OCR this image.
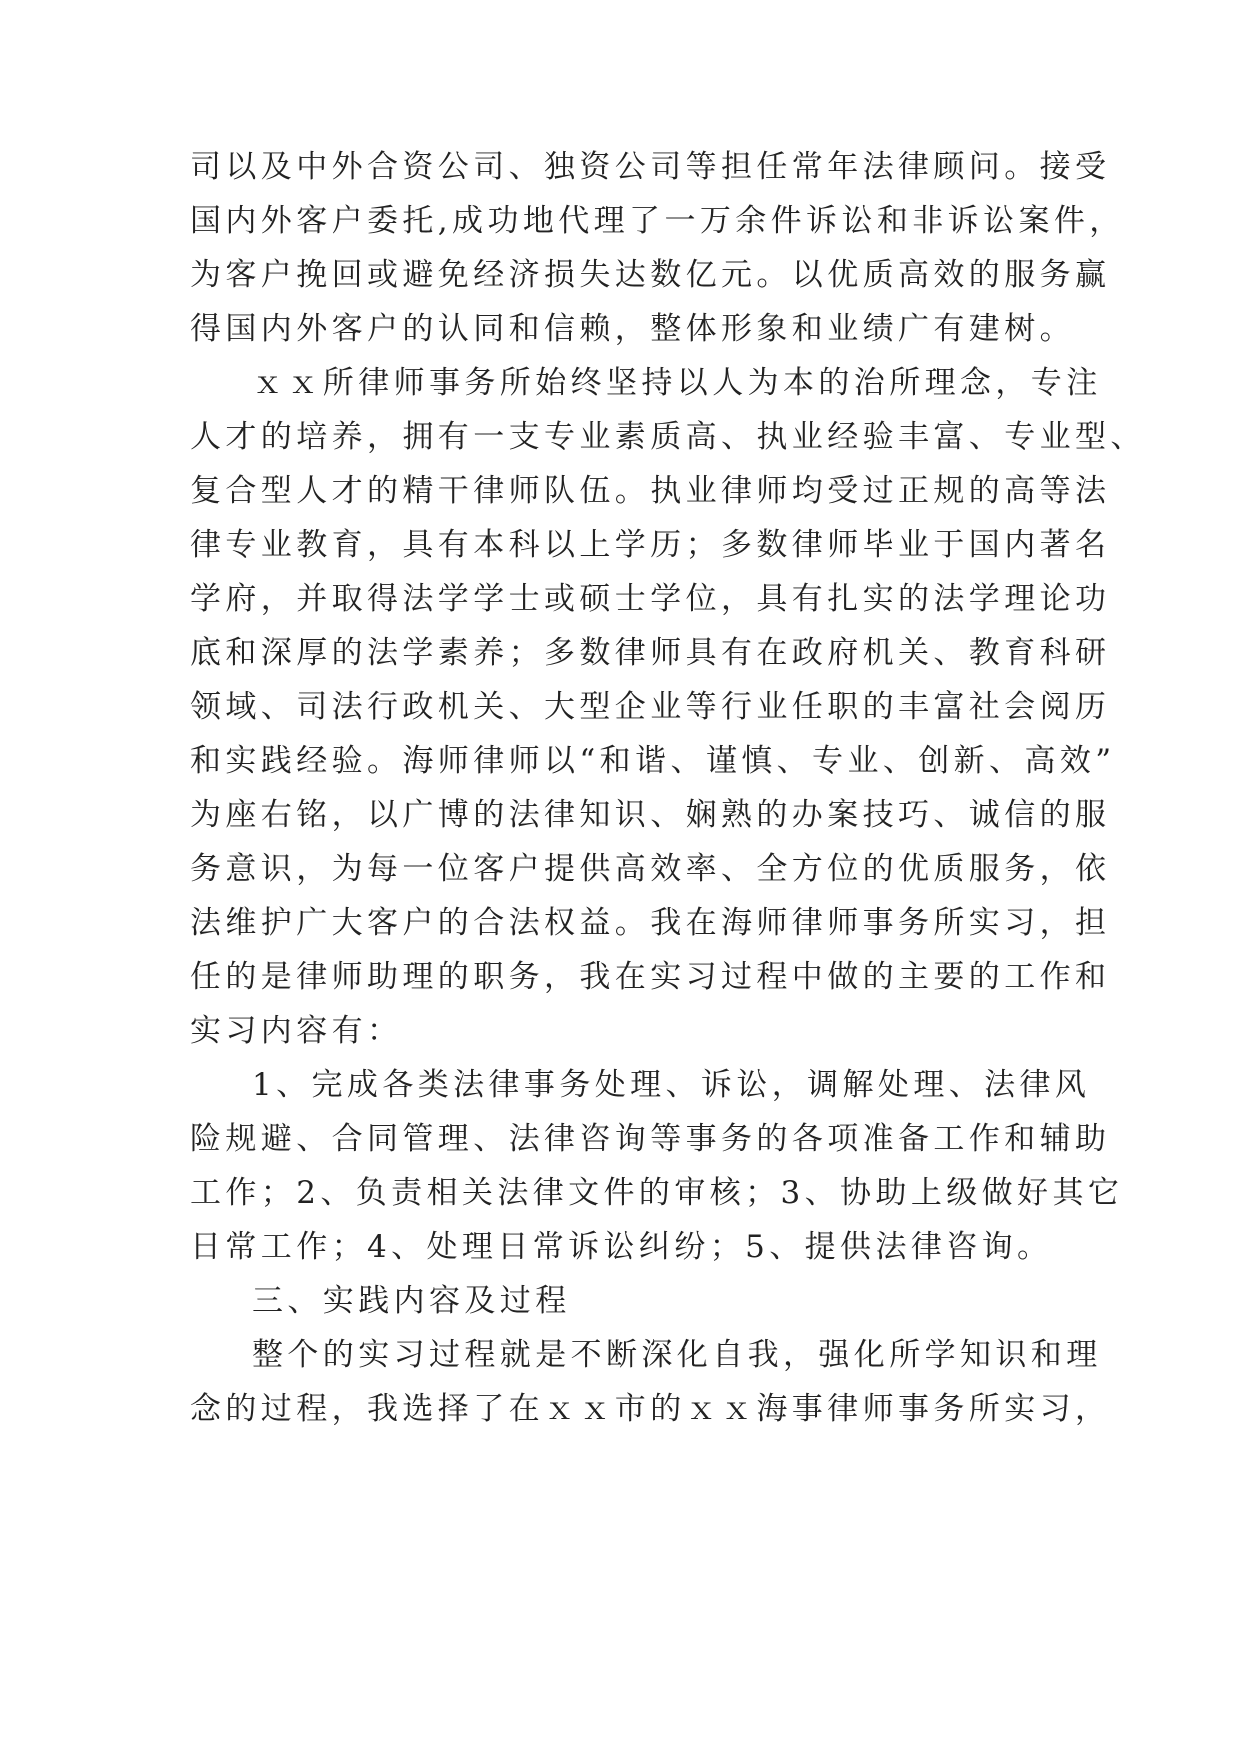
司以及中外合资公司、独资公司等担任常年法律顾问。接受
国内外客户委托,成功地代理了一万余件诉讼和非诉讼案件，
为客户挽回或避免经济损失达数亿元。以优质高效的服务赢
得国内外客户的认同和信赖，整体形象和业绩广有建树。
ｘｘ所律师事务所始终坚持以人为本的治所理念，专注
人才的培养，拥有一支专业素质高、执业经验丰富、专业型、
复合型人才的精干律师队伍。执业律师均受过正规的高等法
律专业教育，具有本科以上学历；多数律师毕业于国内著名
学府，并取得法学学士或硕士学位，具有扎实的法学理论功
底和深厚的法学素养；多数律师具有在政府机关、教育科研
领域、司法行政机关、大型企业等行业任职的丰富社会阅历
和实践经验。海师律师以“和谐、谨慎、专业、创新、高效”
为座右铭，以广博的法律知识、娴熟的办案技巧、诚信的服
务意识，为每一位客户提供高效率、全方位的优质服务，依
法维护广大客户的合法权益。我在海师律师事务所实习，担
任的是律师助理的职务，我在实习过程中做的主要的工作和
实习内容有：
1、完成各类法律事务处理、诉讼，调解处理、法律风
险规避、合同管理、法律咨询等事务的各项准备工作和辅助
工作；2、负责相关法律文件的审核；3、协助上级做好其它
日常工作；4、处理日常诉讼纠纷；5、提供法律咨询。
三、实践内容及过程
整个的实习过程就是不断深化自我，强化所学知识和理
念的过程，我选择了在ｘｘ市的ｘｘ海事律师事务所实习，
